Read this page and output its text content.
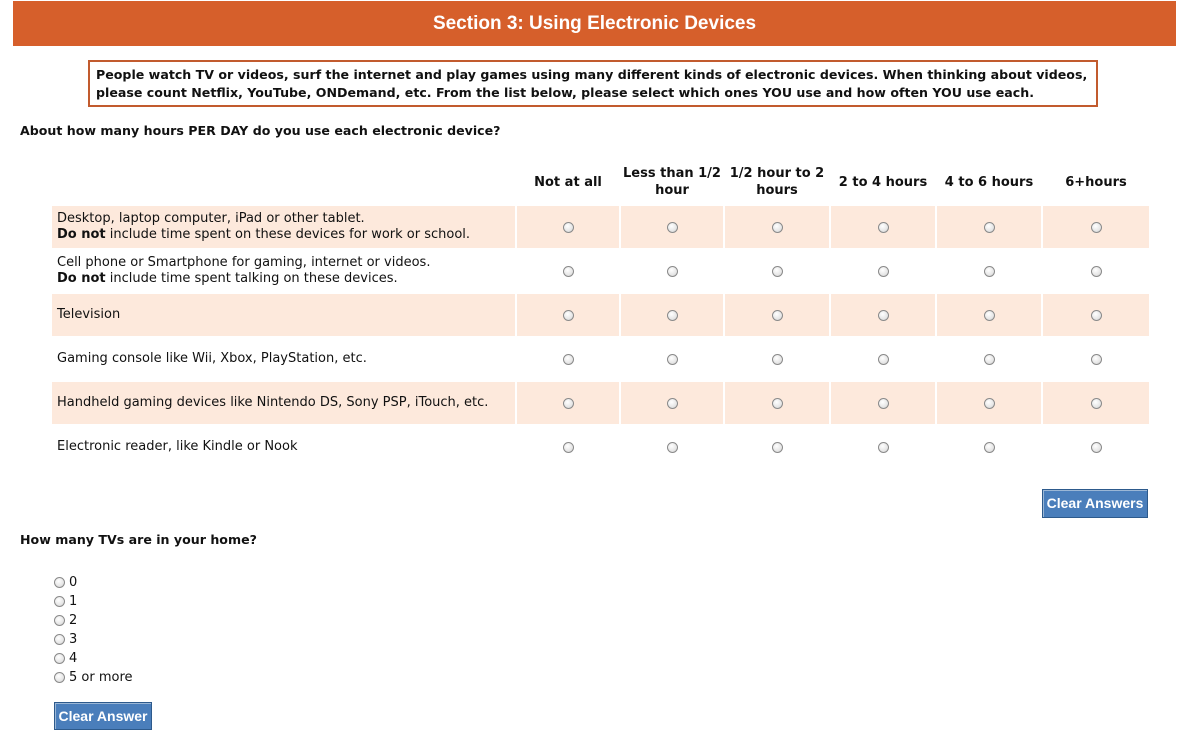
Section 3: Using Electronic Devices
People watch TV or videos, surf the internet and play games using many different kinds of electronic devices. When thinking about videos, please count Netflix, YouTube, ONDemand, etc. From the list below, please select which ones YOU use and how often YOU use each.
About how many hours PER DAY do you use each electronic device?
	Not at all	Less than 1/2 hour	1/2 hour to 2 hours	2 to 4 hours	4 to 6 hours	6+hours
Desktop, laptop computer, iPad or other tablet.
Do not include time spent on these devices for work or school.						
Cell phone or Smartphone for gaming, internet or videos.
Do not include time spent talking on these devices.						
Television						
Gaming console like Wii, Xbox, PlayStation, etc.						
Handheld gaming devices like Nintendo DS, Sony PSP, iTouch, etc.						
Electronic reader, like Kindle or Nook						
Clear Answers
How many TVs are in your home?
0
1
2
3
4
5 or more
Clear Answer
